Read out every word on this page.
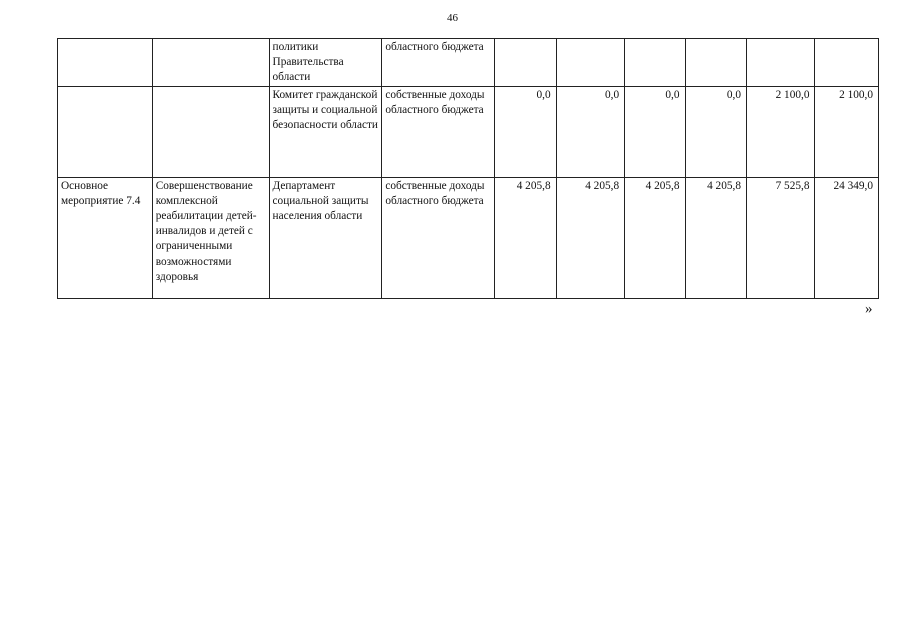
46
		политики Правительства области	областного бюджета						
		Комитет гражданской защиты и социальной безопасности области	собственные доходы областного бюджета	0,0	0,0	0,0	0,0	2 100,0	2 100,0
Основное мероприятие 7.4	Совершенствование комплексной реабилитации детей-инвалидов и детей с ограниченными возможностями здоровья	Департамент социальной защиты населения области	собственные доходы областного бюджета	4 205,8	4 205,8	4 205,8	4 205,8	7 525,8	24 349,0
»
